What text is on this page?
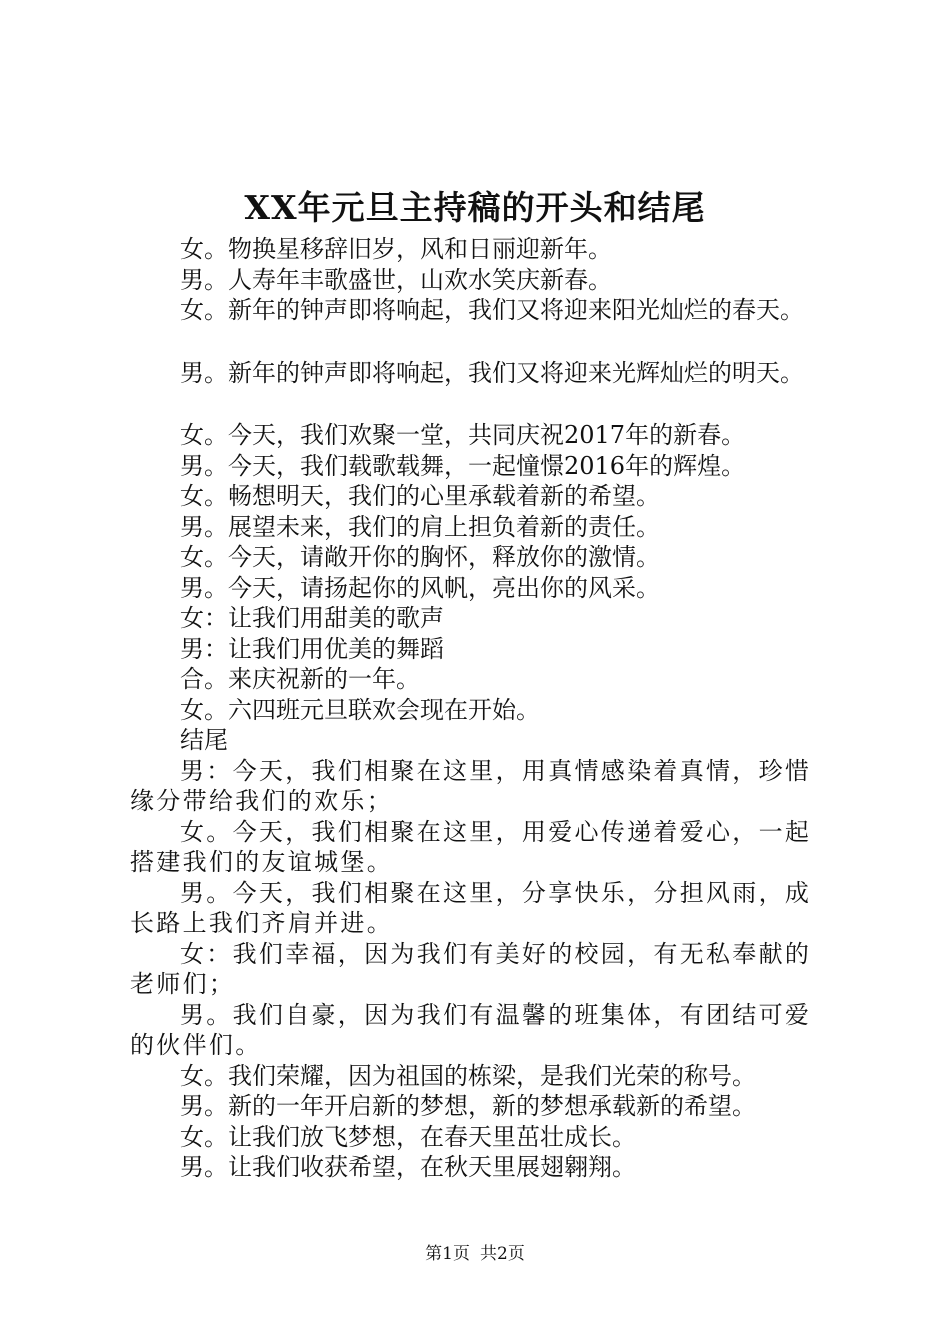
XX年元旦主持稿的开头和结尾
女。物换星移辞旧岁，风和日丽迎新年。
男。人寿年丰歌盛世，山欢水笑庆新春。
女。新年的钟声即将响起，我们又将迎来阳光灿烂的春天。
男。新年的钟声即将响起，我们又将迎来光辉灿烂的明天。
女。今天，我们欢聚一堂，共同庆祝2017年的新春。
男。今天，我们载歌载舞，一起憧憬2016年的辉煌。
女。畅想明天，我们的心里承载着新的希望。
男。展望未来，我们的肩上担负着新的责任。
女。今天，请敞开你的胸怀，释放你的激情。
男。今天，请扬起你的风帆，亮出你的风采。
女：让我们用甜美的歌声
男：让我们用优美的舞蹈
合。来庆祝新的一年。
女。六四班元旦联欢会现在开始。
结尾
男：今天，我们相聚在这里，用真情感染着真情，珍惜缘分带给我们的欢乐；
女。今天，我们相聚在这里，用爱心传递着爱心，一起搭建我们的友谊城堡。
男。今天，我们相聚在这里，分享快乐，分担风雨，成长路上我们齐肩并进。
女：我们幸福，因为我们有美好的校园，有无私奉献的老师们；
男。我们自豪，因为我们有温馨的班集体，有团结可爱的伙伴们。
女。我们荣耀，因为祖国的栋梁，是我们光荣的称号。
男。新的一年开启新的梦想，新的梦想承载新的希望。
女。让我们放飞梦想，在春天里茁壮成长。
男。让我们收获希望，在秋天里展翅翱翔。
第1页 共2页
